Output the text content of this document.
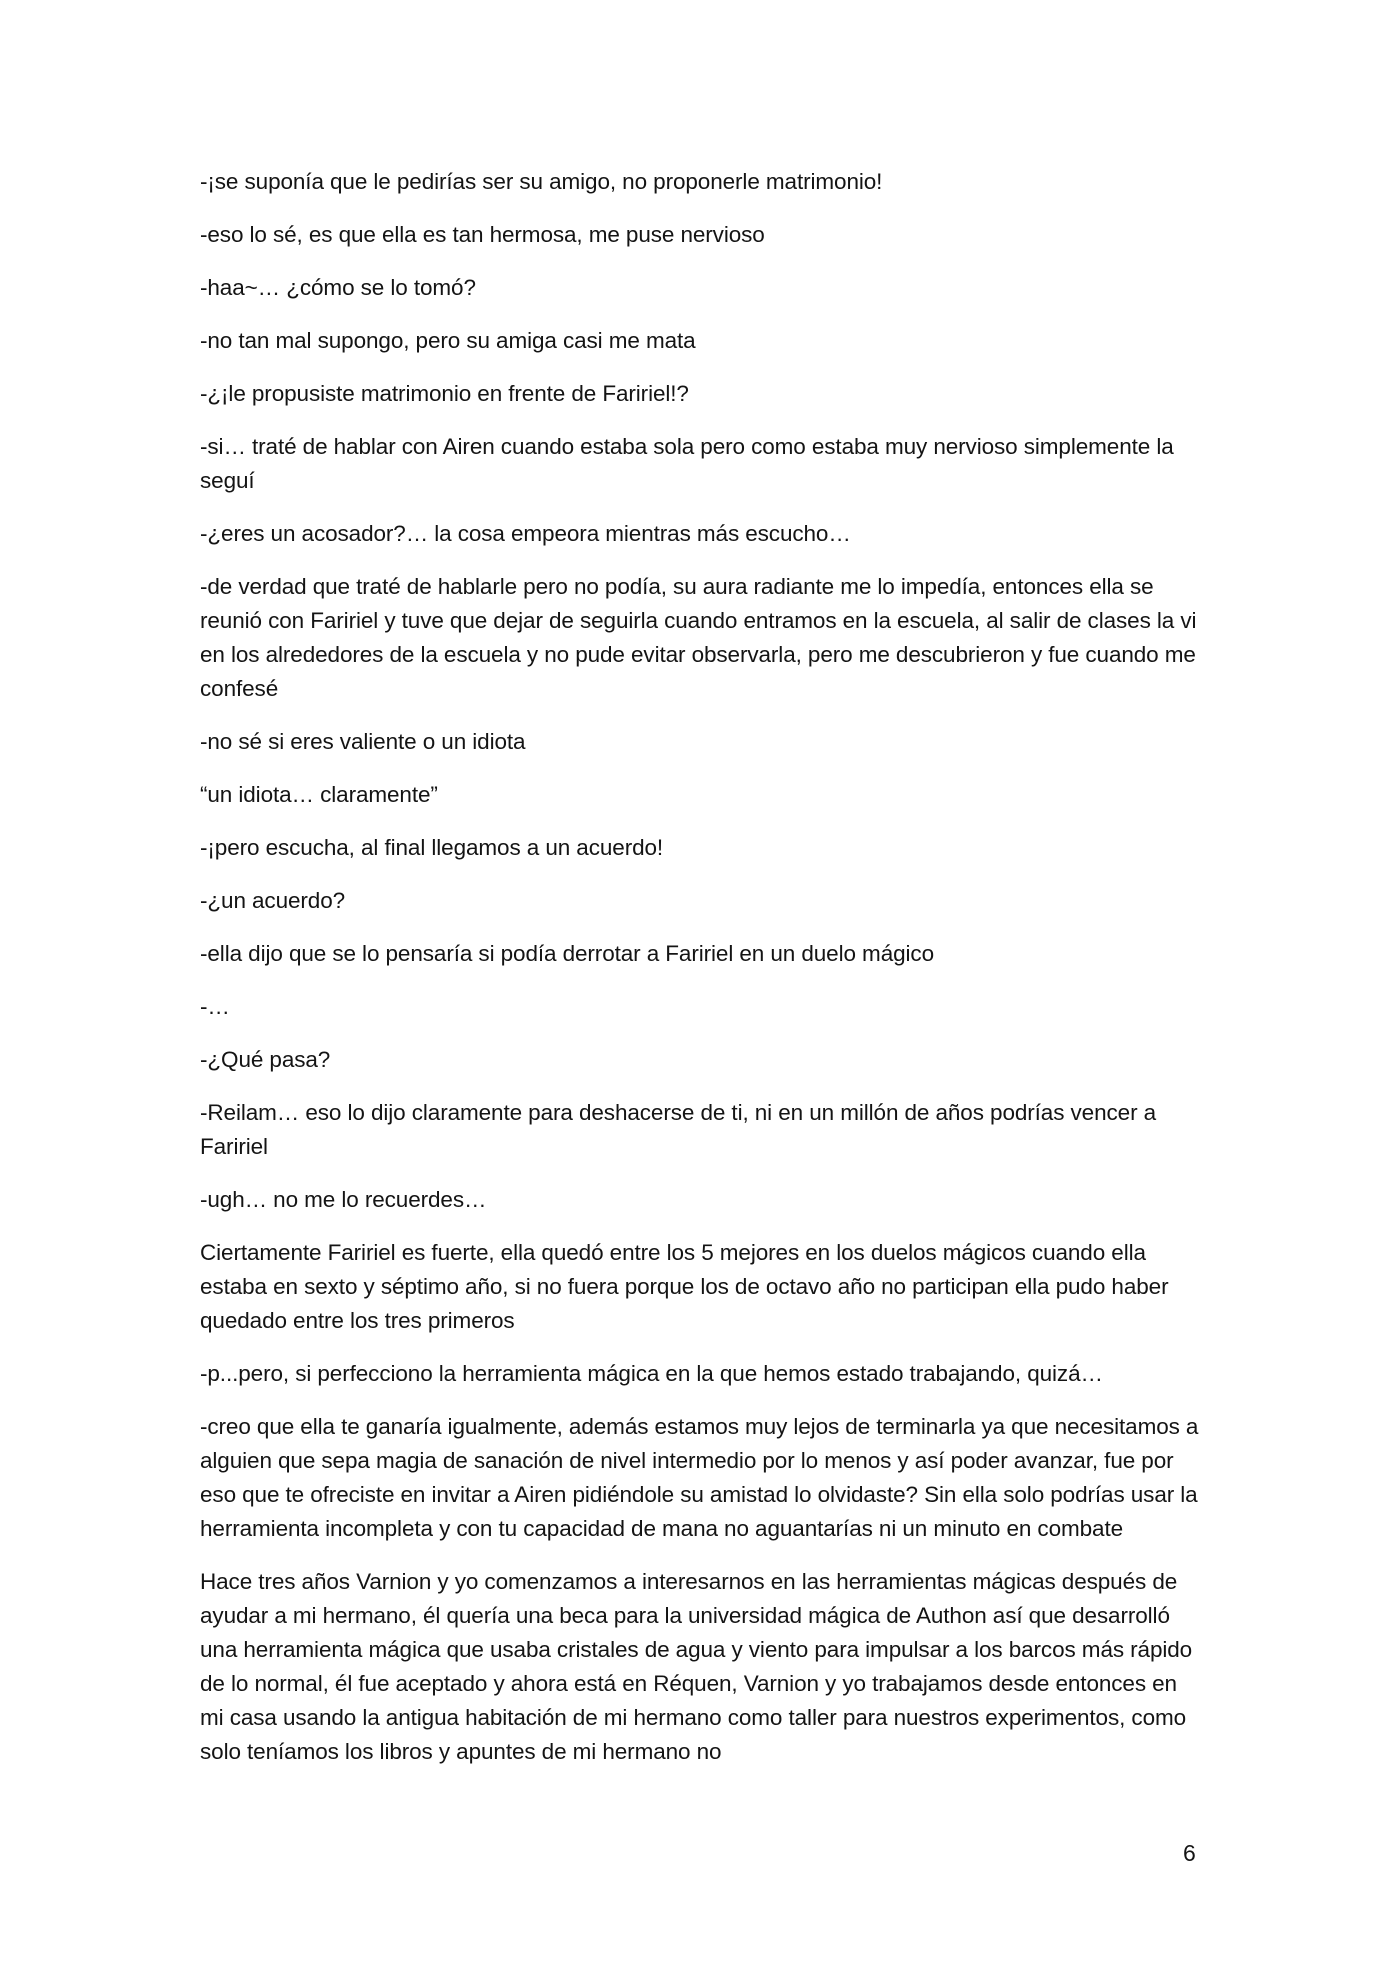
-¡se suponía que le pedirías ser su amigo, no proponerle matrimonio!

-eso lo sé, es que ella es tan hermosa, me puse nervioso

-haa~… ¿cómo se lo tomó?

-no tan mal supongo, pero su amiga casi me mata

-¿¡le propusiste matrimonio en frente de Faririel!?

-si… traté de hablar con Airen cuando estaba sola pero como estaba muy nervioso simplemente la seguí

-¿eres un acosador?… la cosa empeora mientras más escucho…

-de verdad que traté de hablarle pero no podía, su aura radiante me lo impedía, entonces ella se reunió con Faririel y tuve que dejar de seguirla cuando entramos en la escuela, al salir de clases la vi en los alrededores de la escuela y no pude evitar observarla, pero me descubrieron y fue cuando me confesé

-no sé si eres valiente o un idiota

“un idiota… claramente”

-¡pero escucha, al final llegamos a un acuerdo!

-¿un acuerdo?

-ella dijo que se lo pensaría si podía derrotar a Faririel en un duelo mágico

-…

-¿Qué pasa?

-Reilam… eso lo dijo claramente para deshacerse de ti, ni en un millón de años podrías vencer a Faririel

-ugh… no me lo recuerdes…

Ciertamente Faririel es fuerte, ella quedó entre los 5 mejores en los duelos mágicos cuando ella estaba en sexto y séptimo año, si no fuera porque los de octavo año no participan ella pudo haber quedado entre los tres primeros

-p...pero, si perfecciono la herramienta mágica en la que hemos estado trabajando, quizá…

-creo que ella te ganaría igualmente, además estamos muy lejos de terminarla ya que necesitamos a alguien que sepa magia de sanación de nivel intermedio por lo menos y así poder avanzar, fue por eso que te ofreciste en invitar a Airen pidiéndole su amistad lo olvidaste? Sin ella solo podrías usar la herramienta incompleta y con tu capacidad de mana no aguantarías ni un minuto en combate

Hace tres años Varnion y yo comenzamos a interesarnos en las herramientas mágicas después de ayudar a mi hermano, él quería una beca para la universidad mágica de Authon así que desarrolló una herramienta mágica que usaba cristales de agua y viento para impulsar a los barcos más rápido de lo normal, él fue aceptado y ahora está en Réquen, Varnion y yo trabajamos desde entonces en mi casa usando la antigua habitación de mi hermano como taller para nuestros experimentos, como solo teníamos los libros y apuntes de mi hermano no

6
